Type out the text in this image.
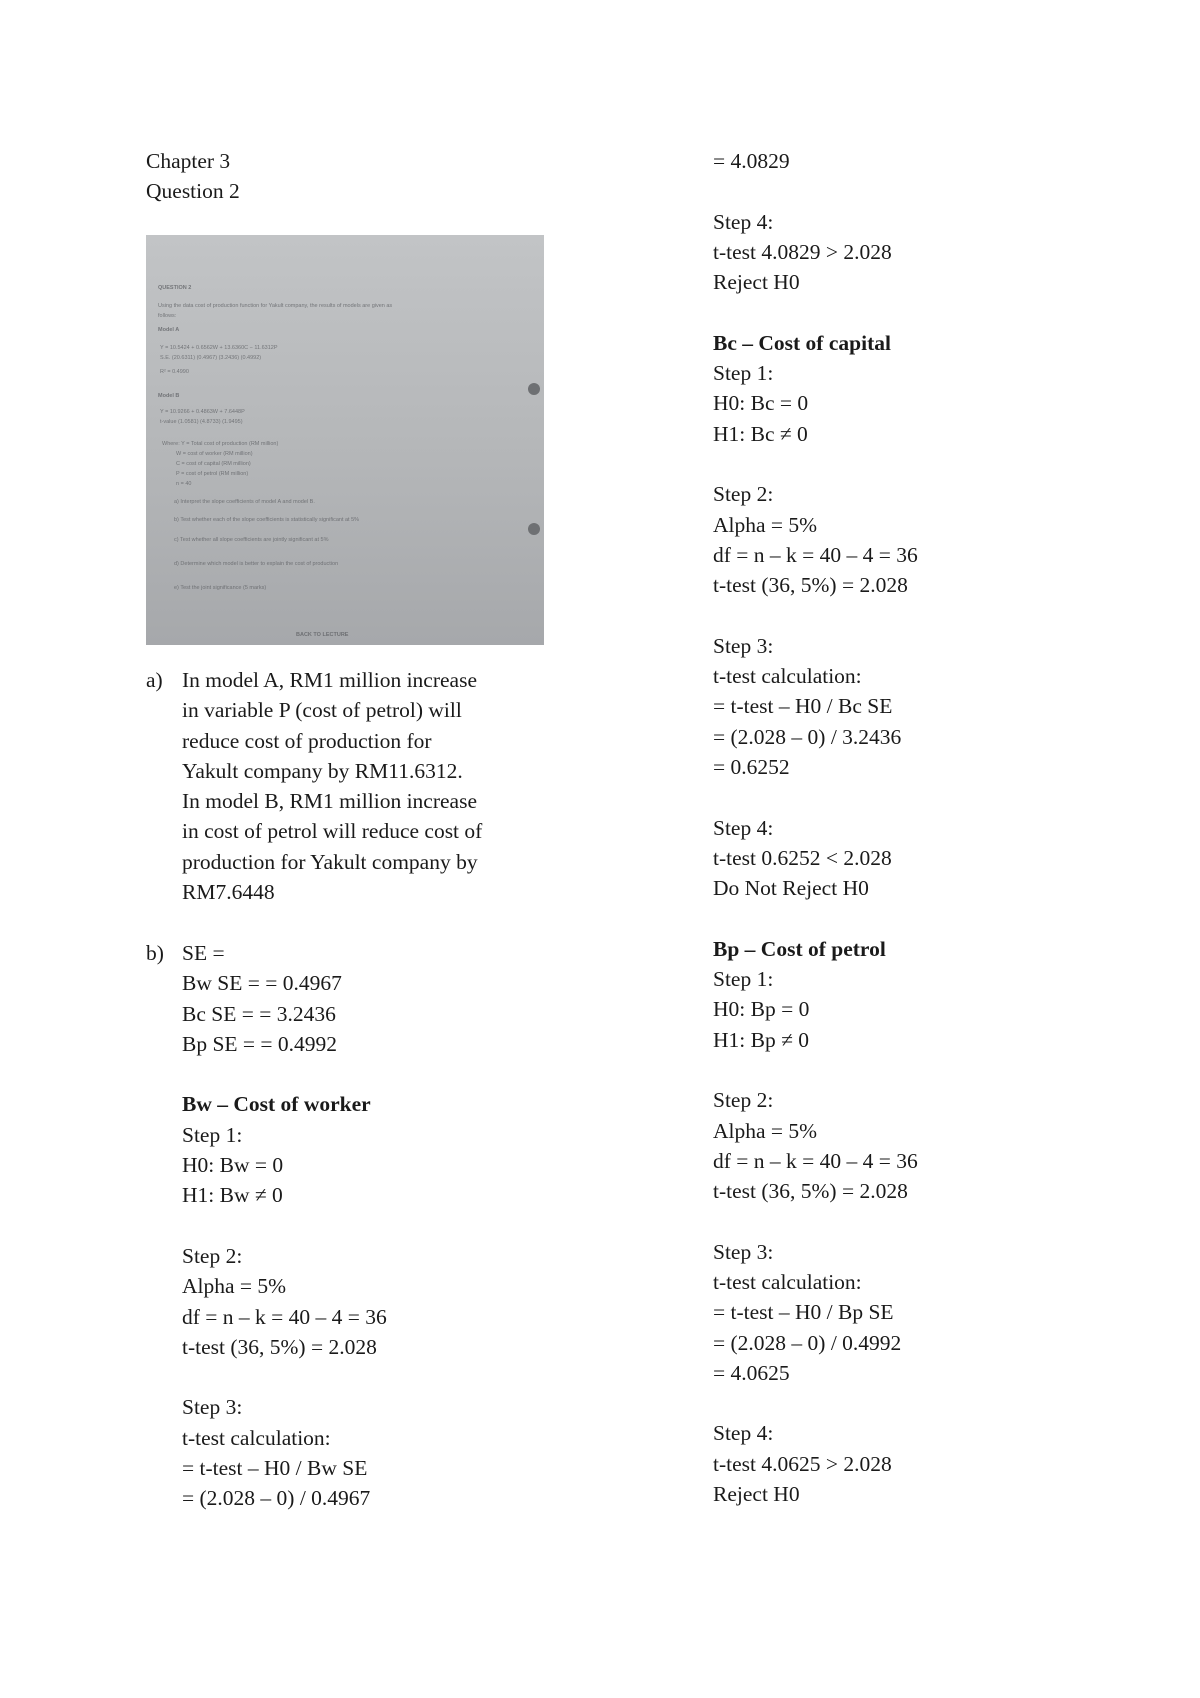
Chapter 3

Question 2

a) In model A, RM1 million increase

in variable P (cost of petrol) will

reduce cost of production for

Yakult company by RM11.6312.

In model B, RM1 million increase

in cost of petrol will reduce cost of

production for Yakult company by

RM7.6448

b) SE =

Bw SE = = 0.4967

Bc SE = = 3.2436

Bp SE = = 0.4992

Bw – Cost of worker

Step 1:

H0: Bw = 0

H1: Bw ≠ 0

Step 2:

Alpha = 5%

df = n – k = 40 – 4 = 36

t-test (36, 5%) = 2.028

Step 3:

t-test calculation:

= t-test – H0 / Bw SE

= (2.028 – 0) / 0.4967

QUESTION 2
Using the data cost of production function for Yakult company, the results of models are given as
follows:
Model A
Y = 10.5424 + 0.6562W + 13.6360C − 11.6312P
S.E. (20.6311) (0.4967) (3.2436) (0.4992)
R² = 0.4990
Model B
Y = 10.9266 + 0.4863W + 7.6448P
t-value (1.0581) (4.8733) (1.9495)
Where: Y = Total cost of production (RM million)
W = cost of worker (RM million)
C = cost of capital (RM million)
P = cost of petrol (RM million)
n = 40
a) Interpret the slope coefficients of model A and model B.
b) Test whether each of the slope coefficients is statistically significant at 5%
c) Test whether all slope coefficients are jointly significant at 5%
d) Determine which model is better to explain the cost of production
e) Test the joint significance (5 marks)
BACK TO LECTURE

= 4.0829

Step 4:

t-test 4.0829 > 2.028

Reject H0

Bc – Cost of capital

Step 1:

H0: Bc = 0

H1: Bc ≠ 0

Step 2:

Alpha = 5%

df = n – k = 40 – 4 = 36

t-test (36, 5%) = 2.028

Step 3:

t-test calculation:

= t-test – H0 / Bc SE

= (2.028 – 0) / 3.2436

= 0.6252

Step 4:

t-test 0.6252 < 2.028

Do Not Reject H0

Bp – Cost of petrol

Step 1:

H0: Bp = 0

H1: Bp ≠ 0

Step 2:

Alpha = 5%

df = n – k = 40 – 4 = 36

t-test (36, 5%) = 2.028

Step 3:

t-test calculation:

= t-test – H0 / Bp SE

= (2.028 – 0) / 0.4992

= 4.0625

Step 4:

t-test 4.0625 > 2.028

Reject H0
